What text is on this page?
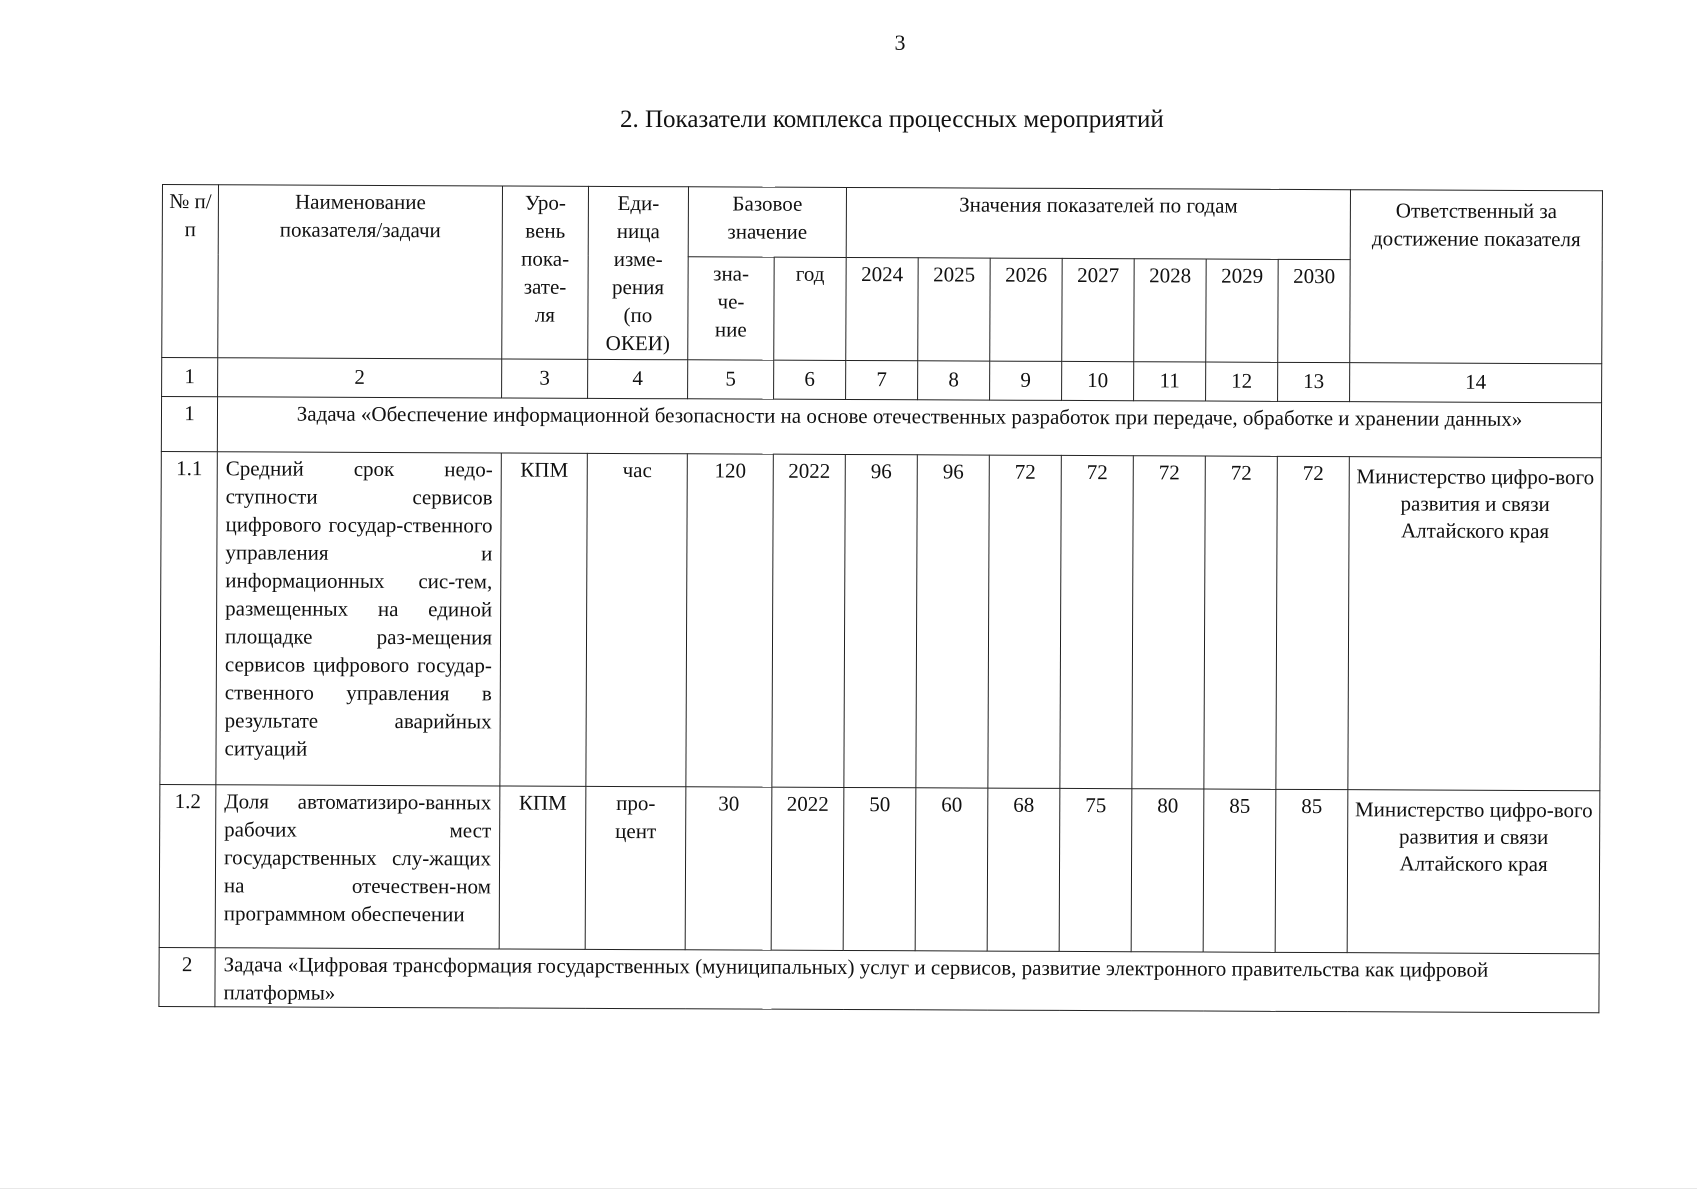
3
2. Показатели комплекса процессных мероприятий
№ п/п	Наименование показателя/задачи	Уро-вень пока-зате-ля	Еди-ница изме-рения (по ОКЕИ)	Базовое значение		Значения показателей по годам							Ответственный за достижение показателя
				зна-че-ние	год	2024	2025	2026	2027	2028	2029	2030	
1	2	3	4	5	6	7	8	9	10	11	12	13	14
1	Задача «Обеспечение информационной безопасности на основе отечественных разработок при передаче, обработке и хранении данных»												
1.1	Средний срок недо-ступности сервисов цифрового государ-ственного управления и информационных сис-тем, размещенных на единой площадке раз-мещения сервисов цифрового государ-ственного управления в результате аварийных ситуаций	КПМ	час	120	2022	96	96	72	72	72	72	72	Министерство цифро-вого развития и связи Алтайского края
1.2	Доля автоматизиро-ванных рабочих мест государственных слу-жащих на отечествен-ном программном обеспечении	КПМ	про-цент	30	2022	50	60	68	75	80	85	85	Министерство цифро-вого развития и связи Алтайского края
2	Задача «Цифровая трансформация государственных (муниципальных) услуг и сервисов, развитие электронного правительства как цифровой платформы»												
